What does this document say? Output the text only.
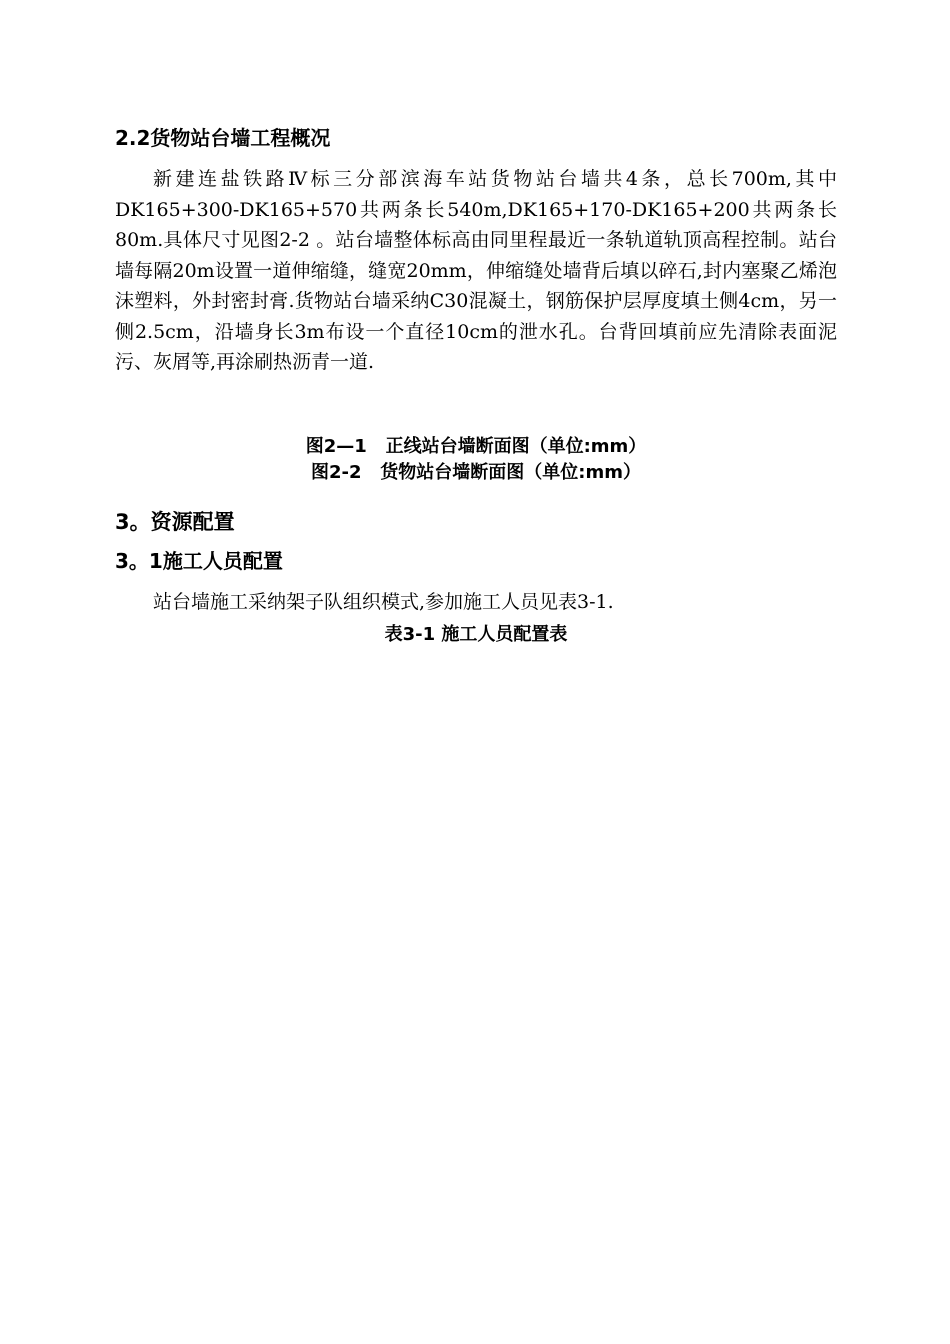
2.2货物站台墙工程概况

新建连盐铁路Ⅳ标三分部滨海车站货物站台墙共4条，总长700m,其中DK165+300-DK165+570共两条长540m,DK165+170-DK165+200共两条长80m.具体尺寸见图2-2 。站台墙整体标高由同里程最近一条轨道轨顶高程控制。站台墙每隔20m设置一道伸缩缝，缝宽20mm，伸缩缝处墙背后填以碎石,封内塞聚乙烯泡沫塑料，外封密封膏.货物站台墙采纳C30混凝土，钢筋保护层厚度填土侧4cm，另一侧2.5cm，沿墙身长3m布设一个直径10cm的泄水孔。台背回填前应先清除表面泥污、灰屑等,再涂刷热沥青一道.

图2—1   正线站台墙断面图（单位:mm）
图2-2   货物站台墙断面图（单位:mm）
3。资源配置
3。1施工人员配置

站台墙施工采纳架子队组织模式,参加施工人员见表3-1.

表3-1 施工人员配置表
